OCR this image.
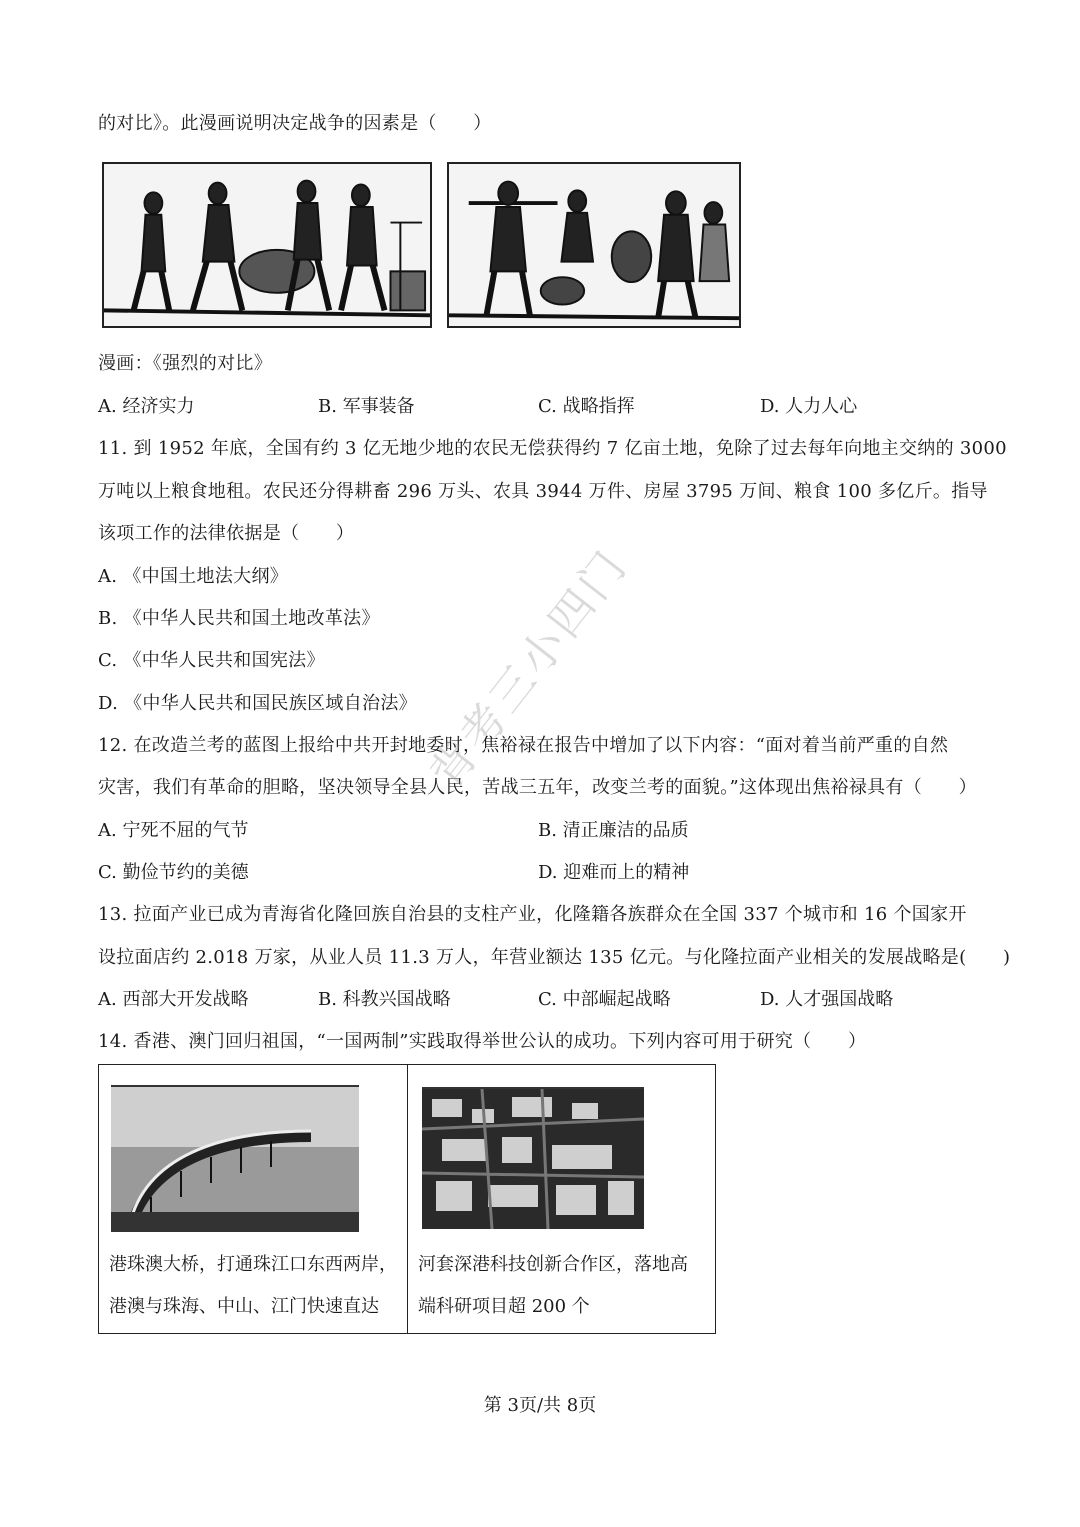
的对比》。此漫画说明决定战争的因素是（　　）
漫画：《强烈的对比》
A. 经济实力	B. 军事装备	C. 战略指挥	D. 人力人心
11. 到 1952 年底，全国有约 3 亿无地少地的农民无偿获得约 7 亿亩土地，免除了过去每年向地主交纳的 3000
万吨以上粮食地租。农民还分得耕畜 296 万头、农具 3944 万件、房屋 3795 万间、粮食 100 多亿斤。指导
该项工作的法律依据是（　　）
A. 《中国土地法大纲》
B. 《中华人民共和国土地改革法》
C. 《中华人民共和国宪法》
D. 《中华人民共和国民族区域自治法》
12. 在改造兰考的蓝图上报给中共开封地委时，焦裕禄在报告中增加了以下内容：“面对着当前严重的自然
灾害，我们有革命的胆略，坚决领导全县人民，苦战三五年，改变兰考的面貌。”这体现出焦裕禄具有（　　）
A. 宁死不屈的气节	B. 清正廉洁的品质
C. 勤俭节约的美德	D. 迎难而上的精神
13. 拉面产业已成为青海省化隆回族自治县的支柱产业，化隆籍各族群众在全国 337 个城市和 16 个国家开
设拉面店约 2.018 万家，从业人员 11.3 万人，年营业额达 135 亿元。与化隆拉面产业相关的发展战略是(　　)
A. 西部大开发战略	B. 科教兴国战略	C. 中部崛起战略	D. 人才强国战略
14. 香港、澳门回归祖国，“一国两制”实践取得举世公认的成功。下列内容可用于研究（　　）
港珠澳大桥，打通珠江口东西两岸，
港澳与珠海、中山、江门快速直达
河套深港科技创新合作区，落地高
端科研项目超 200 个
第 3页/共 8页
背考三小四门
